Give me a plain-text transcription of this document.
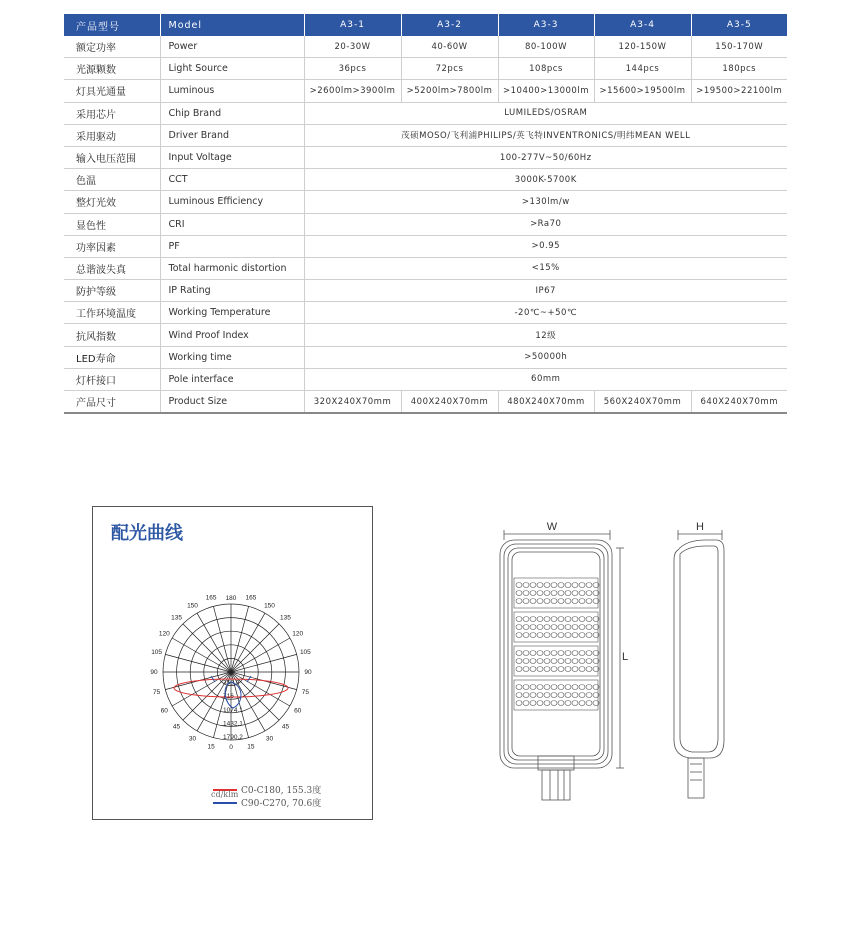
产品型号	Model	A3-1	A3-2	A3-3	A3-4	A3-5
额定功率	Power	20-30W	40-60W	80-100W	120-150W	150-170W
光源颗数	Light Source	36pcs	72pcs	108pcs	144pcs	180pcs
灯具光通量	Luminous	>2600lm>3900lm	>5200lm>7800lm	>10400>13000lm	>15600>19500lm	>19500>22100lm
采用芯片	Chip Brand	LUMILEDS/OSRAM				
采用驱动	Driver Brand	茂硕MOSO/飞利浦PHILIPS/英飞特INVENTRONICS/明纬MEAN WELL				
输入电压范围	Input Voltage	100-277V~50/60Hz				
色温	CCT	3000K-5700K				
整灯光效	Luminous Efficiency	>130lm/w				
显色性	CRI	>Ra70				
功率因素	PF	>0.95				
总谐波失真	Total harmonic distortion	<15%				
防护等级	IP Rating	IP67				
工作环境温度	Working Temperature	-20℃~+50℃				
抗风指数	Wind Proof Index	12级				
LED寿命	Working time	>50000h				
灯杆接口	Pole interface	60mm				
产品尺寸	Product Size	320X240X70mm	400X240X70mm	480X240X70mm	560X240X70mm	640X240X70mm
配光曲线
165	165
150	150
135	135
120	120
105	105
90	90
75	75
60	60
45	45
30	30
15	15
180
0
358.9
716
1074.1
1432.1
1790.2
C0-C180, 155.3度
C90-C270, 70.6度
cd/klm
W
L
H
